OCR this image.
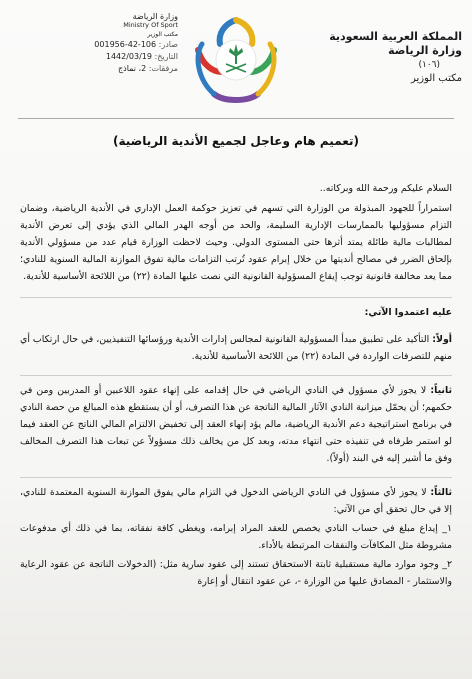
المملكة العربية السعودية
وزارة الرياضة
(١٠٦)
مكتب الوزير
وزارة الرياضة
Ministry Of Sport
مكتب الوزير
صادر: 106-42-001956
التاريخ: 1442/03/19
مرفقات: 2، نماذج
(تعميم هام وعاجل لجميع الأندية الرياضية)

السلام عليكم ورحمة الله وبركاته..

استمراراً للجهود المبذولة من الوزارة التي تسهم في تعزيز حوكمة العمل الإداري في الأندية الرياضية، وضمان التزام مسؤوليها بالممارسات الإدارية السليمة، والحد من أوجه الهدر المالي الذي يؤدي إلى تعرض الأندية لمطالبات مالية طائلة يمتد أثرها حتى المستوى الدولي. وحيث لاحظت الوزارة قيام عدد من مسؤولي الأندية بإلحاق الضرر في مصالح أنديتها من خلال إبرام عقود تُرتب التزامات مالية تفوق الموازنة المالية السنوية للنادي؛ مما يعد مخالفة قانونية توجب إيقاع المسؤولية القانونية التي نصت عليها المادة (٢٢) من اللائحة الأساسية للأندية.

عليه اعتمدوا الآتي:

أولاً: التأكيد على تطبيق مبدأ المسؤولية القانونية لمجالس إدارات الأندية ورؤسائها التنفيذيين، في حال ارتكاب أي منهم للتصرفات الواردة في المادة (٢٢) من اللائحة الأساسية للأندية.

ثانياً: لا يجوز لأي مسؤول في النادي الرياضي في حال إقدامه على إنهاء عقود اللاعبين أو المدربين ومن في حكمهم؛ أن يحمّل ميزانية النادي الآثار المالية الناتجة عن هذا التصرف، أو أن يستقطع هذه المبالغ من حصة النادي في برنامج استراتيجية دعم الأندية الرياضية، مالم يؤد إنهاء العقد إلى تخفيض الالتزام المالي الناتج عن العقد فيما لو استمر طرفاه في تنفيذه حتى انتهاء مدته، وبعد كل من يخالف ذلك مسؤولاً عن تبعات هذا التصرف المخالف وفق ما أشير إليه في البند (أولاً).

ثالثاً: لا يجوز لأي مسؤول في النادي الرياضي الدخول في التزام مالي يفوق الموازنة السنوية المعتمدة للنادي، إلا في حال تحقق أي من الآتي:

١_ إيداع مبلغ في حساب النادي يخصص للعقد المراد إبرامه، ويغطي كافة نفقاته، بما في ذلك أي مدفوعات مشروطة مثل المكافآت والنفقات المرتبطة بالأداء.

٢_ وجود موارد مالية مستقبلية ثابتة الاستحقاق تستند إلى عقود سارية مثل: (الدخولات الناتجة عن عقود الرعاية والاستثمار - المصادق عليها من الوزارة -، عن عقود انتقال أو إعارة
